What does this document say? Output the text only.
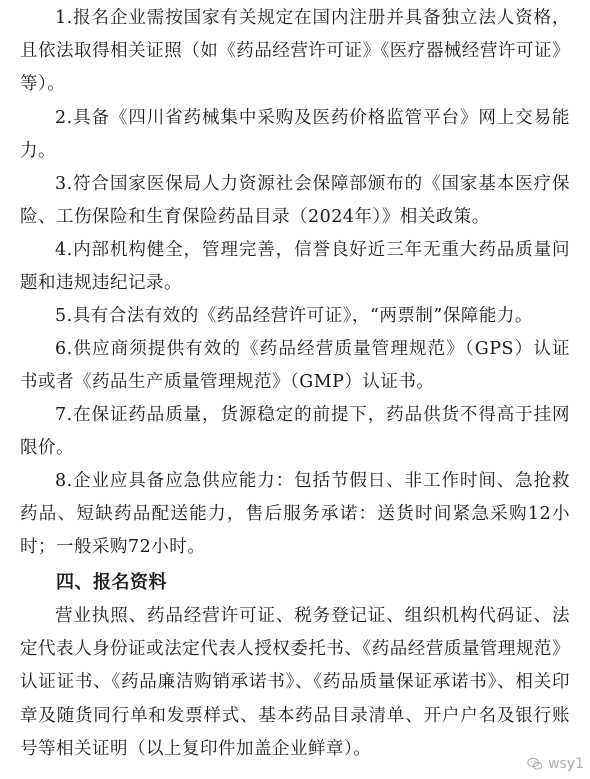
1.报名企业需按国家有关规定在国内注册并具备独立法人资格，且依法取得相关证照（如《药品经营许可证》《医疗器械经营许可证》等）。

2.具备《四川省药械集中采购及医药价格监管平台》网上交易能力。

3.符合国家医保局人力资源社会保障部颁布的《国家基本医疗保险、工伤保险和生育保险药品目录（2024年）》相关政策。

4.内部机构健全，管理完善，信誉良好近三年无重大药品质量问题和违规违纪记录。

5.具有合法有效的《药品经营许可证》，“两票制”保障能力。

6.供应商须提供有效的《药品经营质量管理规范》（GPS）认证书或者《药品生产质量管理规范》（GMP）认证书。

7.在保证药品质量，货源稳定的前提下，药品供货不得高于挂网限价。

8.企业应具备应急供应能力：包括节假日、非工作时间、急抢救药品、短缺药品配送能力，售后服务承诺：送货时间紧急采购12小时；一般采购72小时。

四、报名资料

营业执照、药品经营许可证、税务登记证、组织机构代码证、法定代表人身份证或法定代表人授权委托书、《药品经营质量管理规范》认证证书、《药品廉洁购销承诺书》、《药品质量保证承诺书》、相关印章及随货同行单和发票样式、基本药品目录清单、开户户名及银行账号等相关证明（以上复印件加盖企业鲜章）。

wsy1
